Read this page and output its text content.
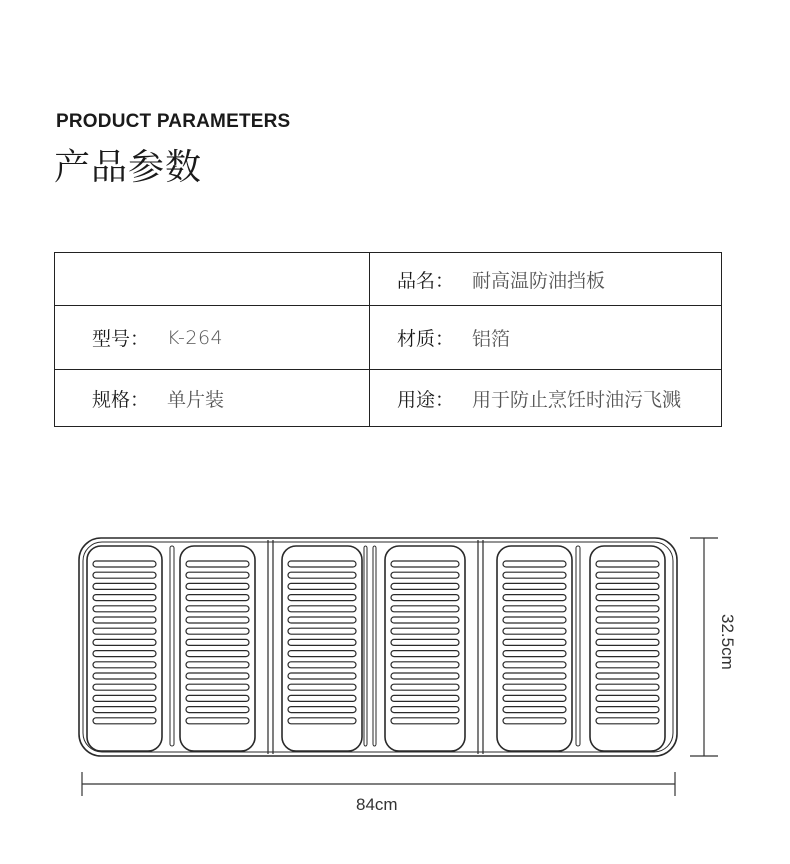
PRODUCT PARAMETERS
产品参数

	品名 ： 耐高温防油挡板

型号 ： K-264	材质 ： 铝箔

规格 ： 单片装	用途 ： 用于防止烹饪时油污飞溅
84cm
32.5cm
